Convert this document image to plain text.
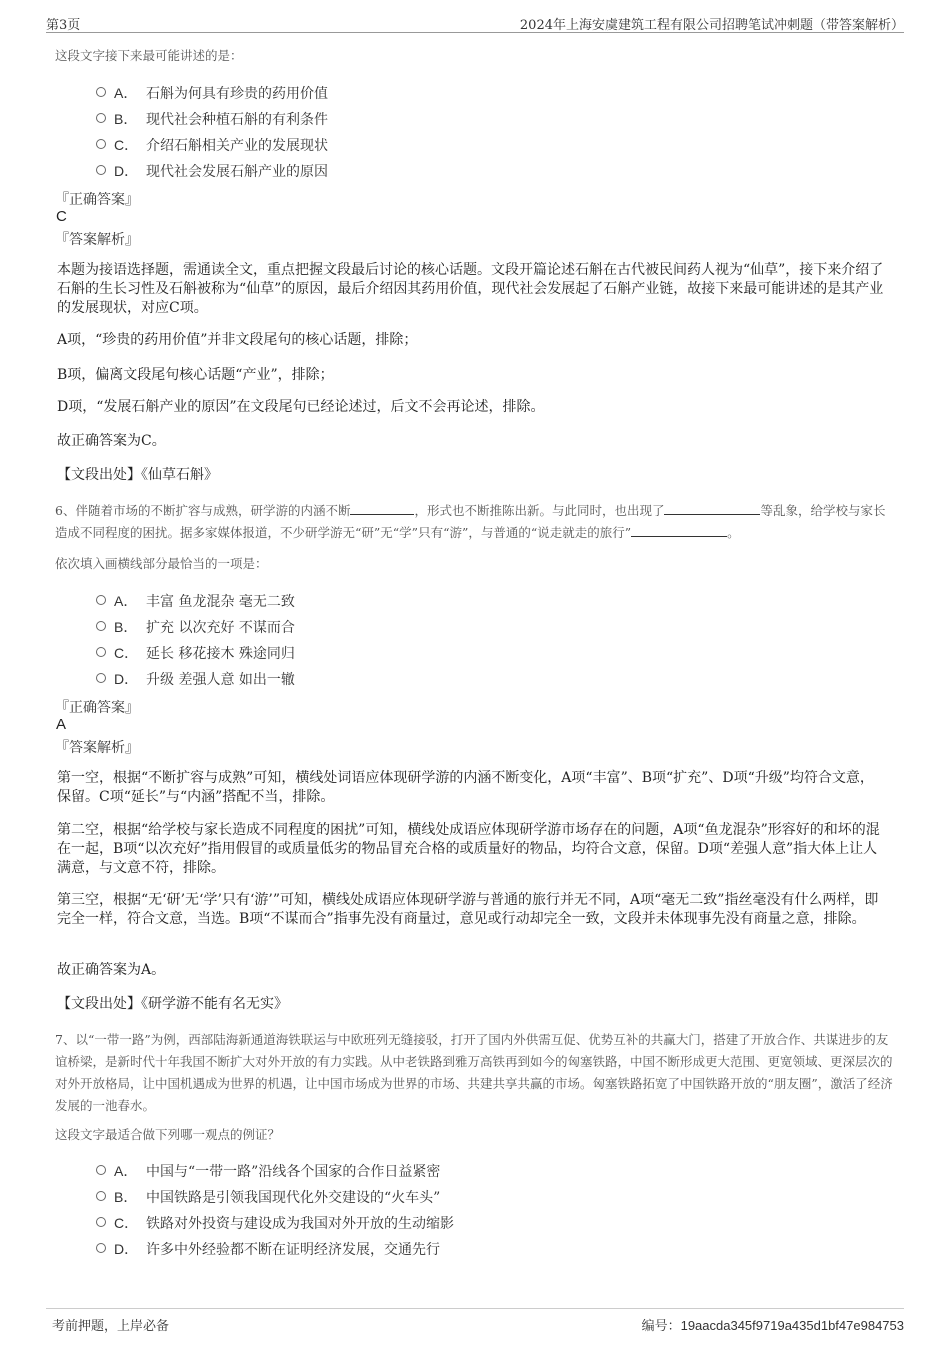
第3页	2024年上海安虞建筑工程有限公司招聘笔试冲刺题（带答案解析）
这段文字接下来最可能讲述的是：
A． 石斛为何具有珍贵的药用价值
B． 现代社会种植石斛的有利条件
C． 介绍石斛相关产业的发展现状
D． 现代社会发展石斛产业的原因
『正确答案』
C
『答案解析』
本题为接语选择题，需通读全文，重点把握文段最后讨论的核心话题。文段开篇论述石斛在古代被民间药人视为“仙草”，接下来介绍了石斛的生长习性及石斛被称为“仙草”的原因，最后介绍因其药用价值，现代社会发展起了石斛产业链，故接下来最可能讲述的是其产业的发展现状，对应C项。
A项，“珍贵的药用价值”并非文段尾句的核心话题，排除；
B项，偏离文段尾句核心话题“产业”，排除；
D项，“发展石斛产业的原因”在文段尾句已经论述过，后文不会再论述，排除。
故正确答案为C。
【文段出处】《仙草石斛》
6、伴随着市场的不断扩容与成熟，研学游的内涵不断	，形式也不断推陈出新。与此同时，也出现了	等乱象，给学校与家长造成不同程度的困扰。据多家媒体报道，不少研学游无“研”无“学”只有“游”，与普通的“说走就走的旅行”	。
依次填入画横线部分最恰当的一项是：
A． 丰富 鱼龙混杂 毫无二致
B． 扩充 以次充好 不谋而合
C． 延长 移花接木 殊途同归
D． 升级 差强人意 如出一辙
『正确答案』
A
『答案解析』
第一空，根据“不断扩容与成熟”可知，横线处词语应体现研学游的内涵不断变化，A项“丰富”、B项“扩充”、D项“升级”均符合文意，保留。C项“延长”与“内涵”搭配不当，排除。
第二空，根据“给学校与家长造成不同程度的困扰”可知，横线处成语应体现研学游市场存在的问题，A项“鱼龙混杂”形容好的和坏的混在一起，B项“以次充好”指用假冒的或质量低劣的物品冒充合格的或质量好的物品，均符合文意，保留。D项“差强人意”指大体上让人满意，与文意不符，排除。
第三空，根据“无‘研’无‘学’只有‘游’”可知，横线处成语应体现研学游与普通的旅行并无不同，A项“毫无二致”指丝毫没有什么两样，即完全一样，符合文意，当选。B项“不谋而合”指事先没有商量过，意见或行动却完全一致，文段并未体现事先没有商量之意，排除。
故正确答案为A。
【文段出处】《研学游不能有名无实》
7、以“一带一路”为例，西部陆海新通道海铁联运与中欧班列无缝接驳，打开了国内外供需互促、优势互补的共赢大门，搭建了开放合作、共谋进步的友谊桥梁，是新时代十年我国不断扩大对外开放的有力实践。从中老铁路到雅万高铁再到如今的匈塞铁路，中国不断形成更大范围、更宽领域、更深层次的对外开放格局，让中国机遇成为世界的机遇，让中国市场成为世界的市场、共建共享共赢的市场。匈塞铁路拓宽了中国铁路开放的“朋友圈”，激活了经济发展的一池春水。
这段文字最适合做下列哪一观点的例证？
A． 中国与“一带一路”沿线各个国家的合作日益紧密
B． 中国铁路是引领我国现代化外交建设的“火车头”
C． 铁路对外投资与建设成为我国对外开放的生动缩影
D． 许多中外经验都不断在证明经济发展，交通先行
考前押题，上岸必备	编号：19aacda345f9719a435d1bf47e984753
